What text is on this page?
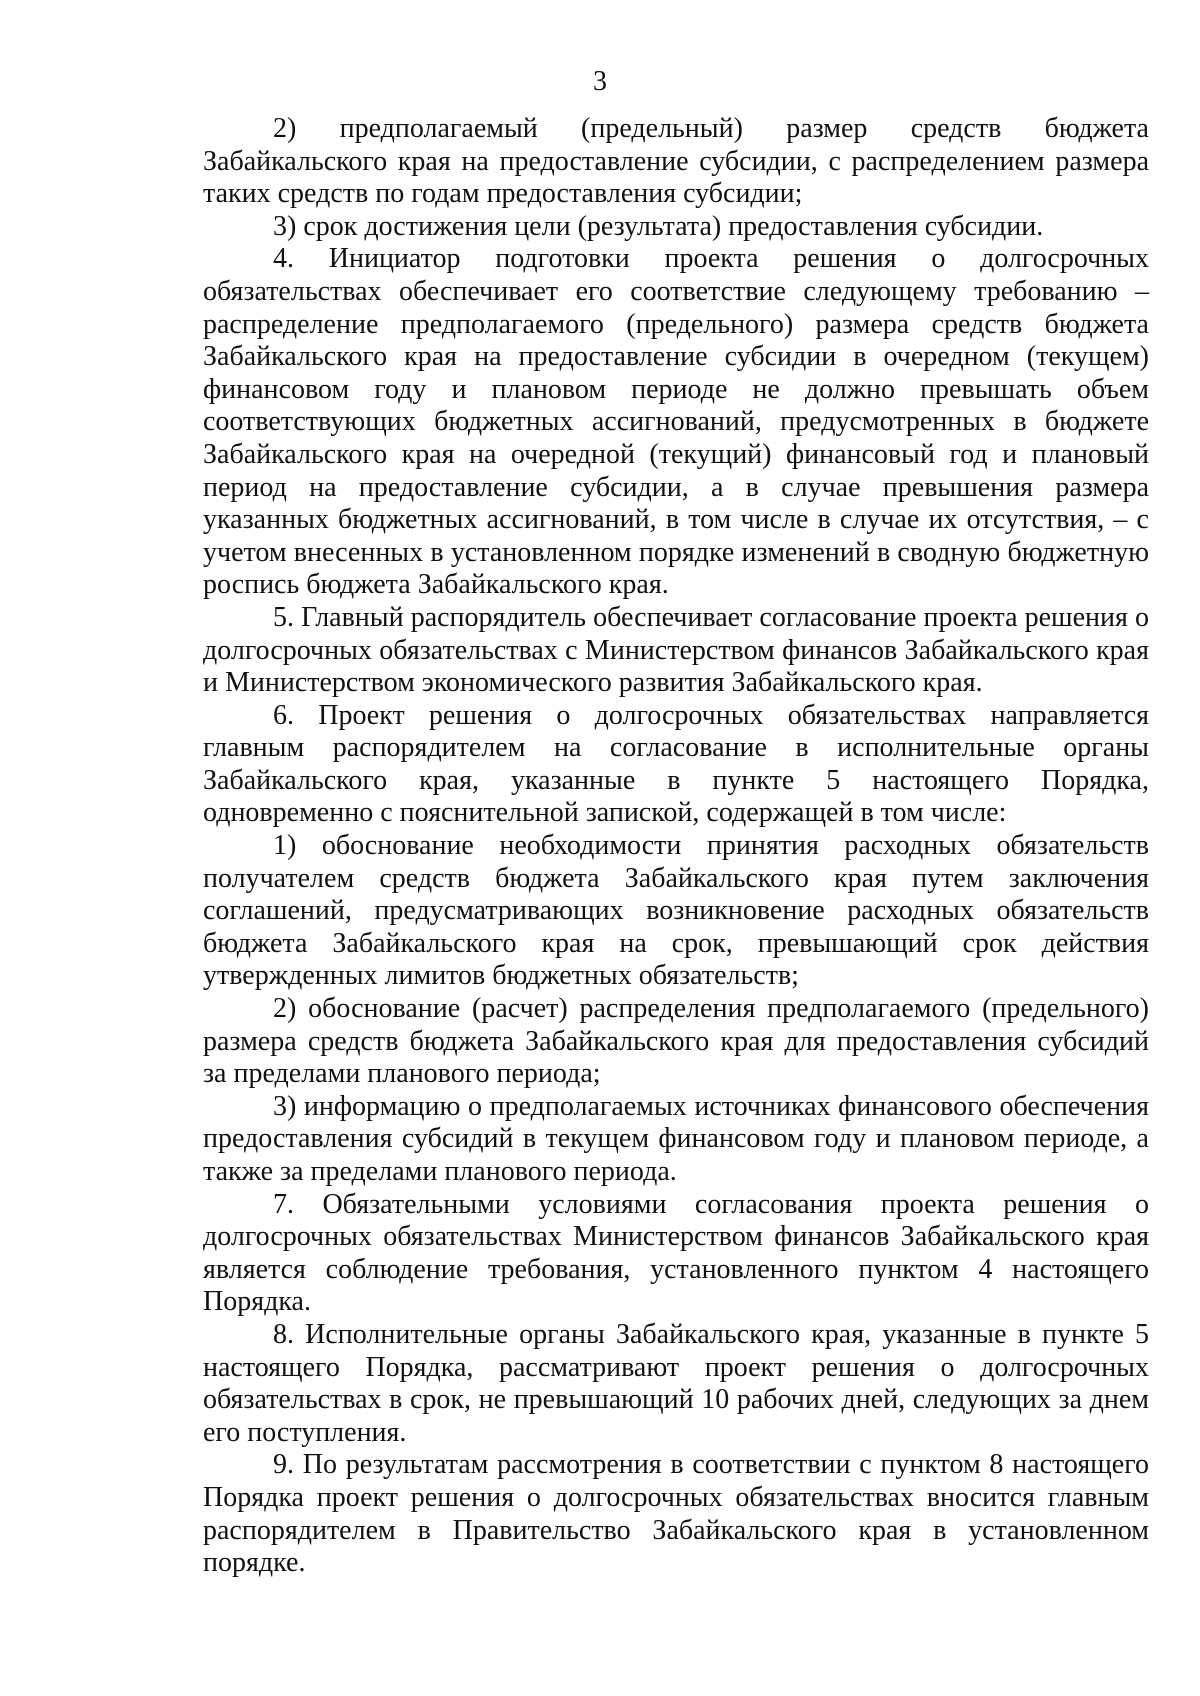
3

2) предполагаемый (предельный) размер средств бюджета Забайкальского края на предоставление субсидии, с распределением размера таких средств по годам предоставления субсидии;

3) срок достижения цели (результата) предоставления субсидии.

4. Инициатор подготовки проекта решения о долгосрочных обязательствах обеспечивает его соответствие следующему требованию – распределение предполагаемого (предельного) размера средств бюджета Забайкальского края на предоставление субсидии в очередном (текущем) финансовом году и плановом периоде не должно превышать объем соответствующих бюджетных ассигнований, предусмотренных в бюджете Забайкальского края на очередной (текущий) финансовый год и плановый период на предоставление субсидии, а в случае превышения размера указанных бюджетных ассигнований, в том числе в случае их отсутствия, – с учетом внесенных в установленном порядке изменений в сводную бюджетную роспись бюджета Забайкальского края.

5. Главный распорядитель обеспечивает согласование проекта решения о долгосрочных обязательствах с Министерством финансов Забайкальского края и Министерством экономического развития Забайкальского края.

6. Проект решения о долгосрочных обязательствах направляется главным распорядителем на согласование в исполнительные органы Забайкальского края, указанные в пункте 5 настоящего Порядка, одновременно с пояснительной запиской, содержащей в том числе:

1) обоснование необходимости принятия расходных обязательств получателем средств бюджета Забайкальского края путем заключения соглашений, предусматривающих возникновение расходных обязательств бюджета Забайкальского края на срок, превышающий срок действия утвержденных лимитов бюджетных обязательств;

2) обоснование (расчет) распределения предполагаемого (предельного) размера средств бюджета Забайкальского края для предоставления субсидий за пределами планового периода;

3) информацию о предполагаемых источниках финансового обеспечения предоставления субсидий в текущем финансовом году и плановом периоде, а также за пределами планового периода.

7. Обязательными условиями согласования проекта решения о долгосрочных обязательствах Министерством финансов Забайкальского края является соблюдение требования, установленного пунктом 4 настоящего Порядка.

8. Исполнительные органы Забайкальского края, указанные в пункте 5 настоящего Порядка, рассматривают проект решения о долгосрочных обязательствах в срок, не превышающий 10 рабочих дней, следующих за днем его поступления.

9. По результатам рассмотрения в соответствии с пунктом 8 настоящего Порядка проект решения о долгосрочных обязательствах вносится главным распорядителем в Правительство Забайкальского края в установленном порядке.
